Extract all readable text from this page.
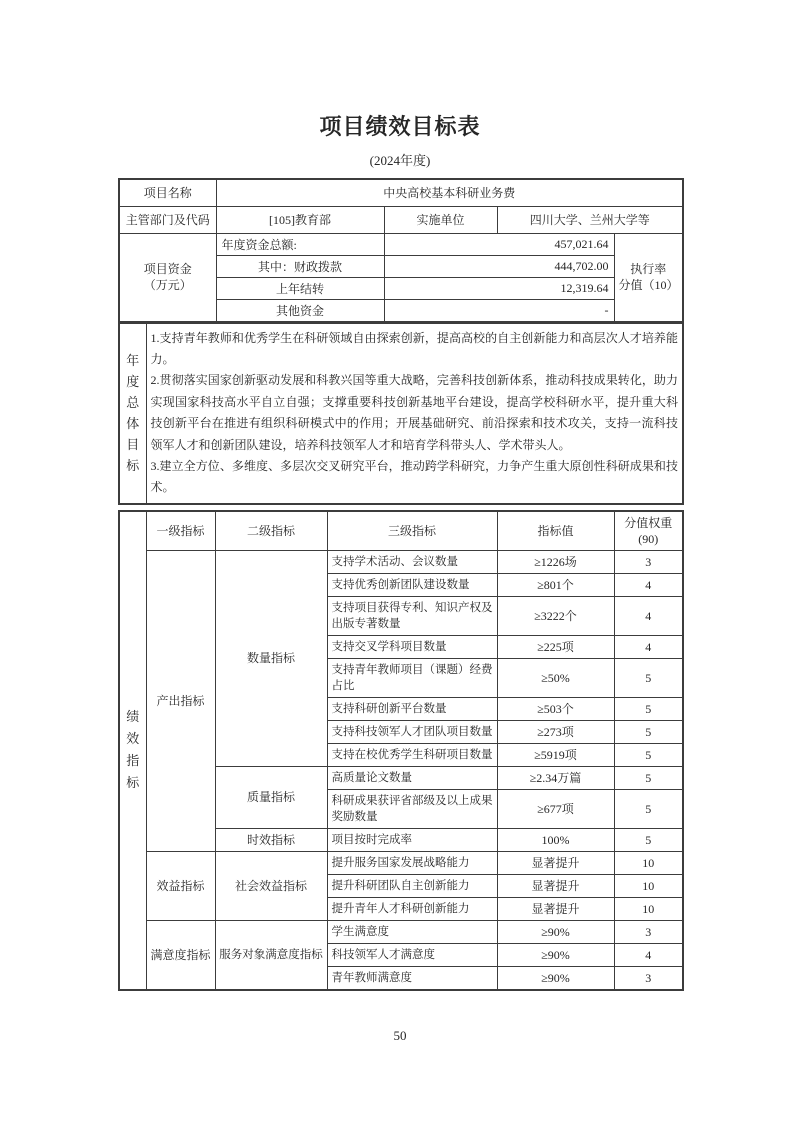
项目绩效目标表
(2024年度)
项目名称	中央高校基本科研业务费			
主管部门及代码	[105]教育部	实施单位	四川大学、兰州大学等	

项目资金
（万元）
	年度资金总额:	457,021.64	
执行率
分值（10）

	其中：财政拨款	444,702.00		
	上年结转	12,319.64		
	其他资金	-		
年度总体目标

1.支持青年教师和优秀学生在科研领域自由探索创新，提高高校的自主创新能力和高层次人才培养能力。
2.贯彻落实国家创新驱动发展和科教兴国等重大战略，完善科技创新体系，推动科技成果转化，助力实现国家科技高水平自立自强；支撑重要科技创新基地平台建设，提高学校科研水平，提升重大科技创新平台在推进有组织科研模式中的作用；开展基础研究、前沿探索和技术攻关，支持一流科技领军人才和创新团队建设，培养科技领军人才和培育学科带头人、学术带头人。
3.建立全方位、多维度、多层次交叉研究平台，推动跨学科研究，力争产生重大原创性科研成果和技术。
绩效指标	一级指标	二级指标	三级指标	指标值	分值权重
(90)

	产出指标	数量指标	支持学术活动、会议数量	≥1226场	3
			支持优秀创新团队建设数量	≥801个	4
			支持项目获得专利、知识产权及出版专著数量	≥3222个	4
			支持交叉学科项目数量	≥225项	4
			支持青年教师项目（课题）经费占比	≥50%	5
			支持科研创新平台数量	≥503个	5
			支持科技领军人才团队项目数量	≥273项	5
			支持在校优秀学生科研项目数量	≥5919项	5
		质量指标	高质量论文数量	≥2.34万篇	5
			科研成果获评省部级及以上成果奖励数量	≥677项	5
		时效指标	项目按时完成率	100%	5
	效益指标	社会效益指标	提升服务国家发展战略能力	显著提升	10
			提升科研团队自主创新能力	显著提升	10
			提升青年人才科研创新能力	显著提升	10
	满意度指标	服务对象满意度指标	学生满意度	≥90%	3
			科技领军人才满意度	≥90%	4
			青年教师满意度	≥90%	3
50
